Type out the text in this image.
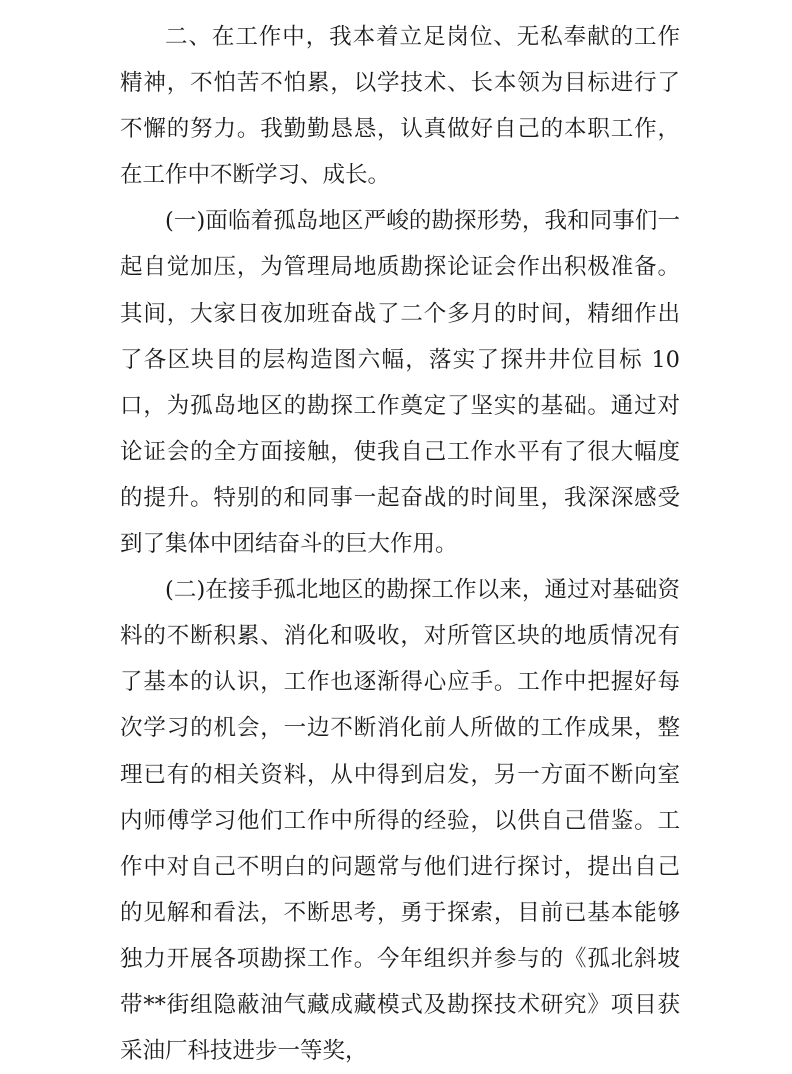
二、在工作中，我本着立足岗位、无私奉献的工作精神，不怕苦不怕累，以学技术、长本领为目标进行了不懈的努力。我勤勤恳恳，认真做好自己的本职工作，在工作中不断学习、成长。

(一)面临着孤岛地区严峻的勘探形势，我和同事们一起自觉加压，为管理局地质勘探论证会作出积极准备。其间，大家日夜加班奋战了二个多月的时间，精细作出了各区块目的层构造图六幅，落实了探井井位目标 10 口，为孤岛地区的勘探工作奠定了坚实的基础。通过对论证会的全方面接触，使我自己工作水平有了很大幅度的提升。特别的和同事一起奋战的时间里，我深深感受到了集体中团结奋斗的巨大作用。

(二)在接手孤北地区的勘探工作以来，通过对基础资料的不断积累、消化和吸收，对所管区块的地质情况有了基本的认识，工作也逐渐得心应手。工作中把握好每次学习的机会，一边不断消化前人所做的工作成果，整理已有的相关资料，从中得到启发，另一方面不断向室内师傅学习他们工作中所得的经验，以供自己借鉴。工作中对自己不明白的问题常与他们进行探讨，提出自己的见解和看法，不断思考，勇于探索，目前已基本能够独力开展各项勘探工作。今年组织并参与的《孤北斜坡带**街组隐蔽油气藏成藏模式及勘探技术研究》项目获采油厂科技进步一等奖，
